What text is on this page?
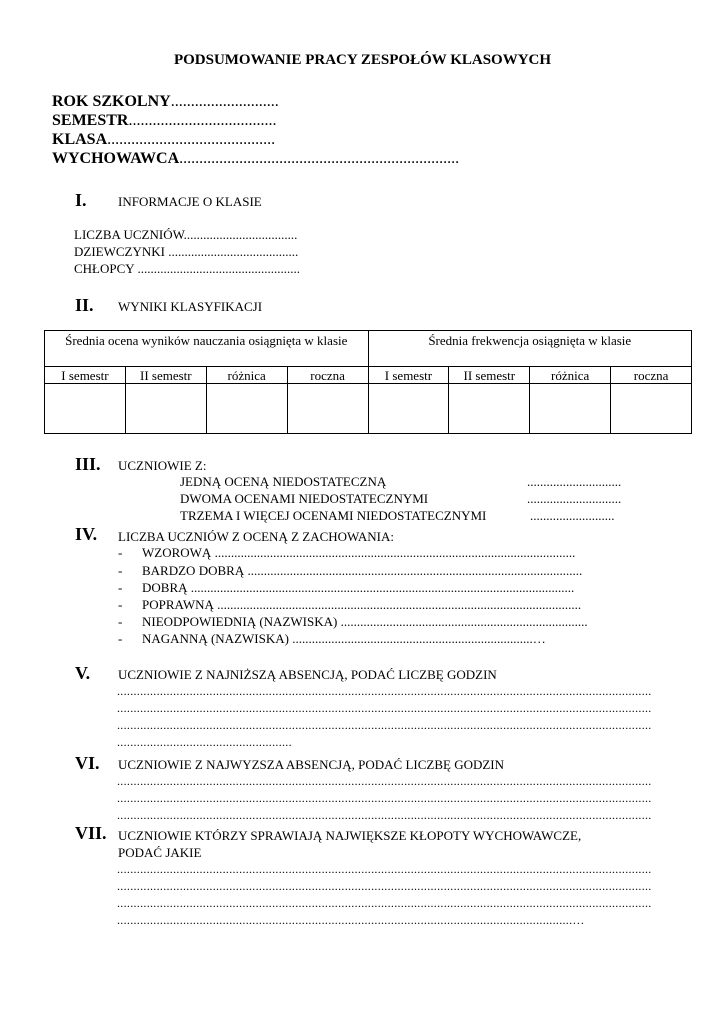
PODSUMOWANIE PRACY ZESPOŁÓW KLASOWYCH
ROK SZKOLNY...........................
SEMESTR.....................................
KLASA..........................................
WYCHOWAWCA......................................................................
I. INFORMACJE O KLASIE
LICZBA UCZNIÓW...................................
DZIEWCZYNKI ........................................
CHŁOPCY ..................................................
II. WYNIKI KLASYFIKACJI
Średnia ocena wyników nauczania osiągnięta w klasie				Średnia frekwencja osiągnięta w klasie			
I semestr	II semestr	różnica	roczna	I semestr	II semestr	różnica	roczna

III. UCZNIOWIE Z:
JEDNĄ OCENĄ NIEDOSTATECZNĄ	.............................
DWOMA OCENAMI NIEDOSTATECZNYMI	.............................
TRZEMA I WIĘCEJ OCENAMI NIEDOSTATECZNYMI	..........................
IV. LICZBA UCZNIÓW Z OCENĄ Z ZACHOWANIA:
- WZOROWĄ ...............................................................................................................
- BARDZO DOBRĄ .......................................................................................................
- DOBRĄ ......................................................................................................................
- POPRAWNĄ ................................................................................................................
- NIEODPOWIEDNIĄ (NAZWISKA) ............................................................................
- NAGANNĄ (NAZWISKA) ..........................................................................…
V. UCZNIOWIE Z NAJNIŻSZĄ ABSENCJĄ, PODAĆ LICZBĘ GODZIN
..................................................................................................................................................................
..................................................................................................................................................................
..................................................................................................................................................................
.....................................................
VI. UCZNIOWIE Z NAJWYZSZA ABSENCJĄ, PODAĆ LICZBĘ GODZIN
..................................................................................................................................................................
..................................................................................................................................................................
..................................................................................................................................................................
VII. UCZNIOWIE KTÓRZY SPRAWIAJĄ NAJWIĘKSZE KŁOPOTY WYCHOWAWCZE,
PODAĆ JAKIE
..................................................................................................................................................................
..................................................................................................................................................................
..................................................................................................................................................................
..........................................................................................................................................…
